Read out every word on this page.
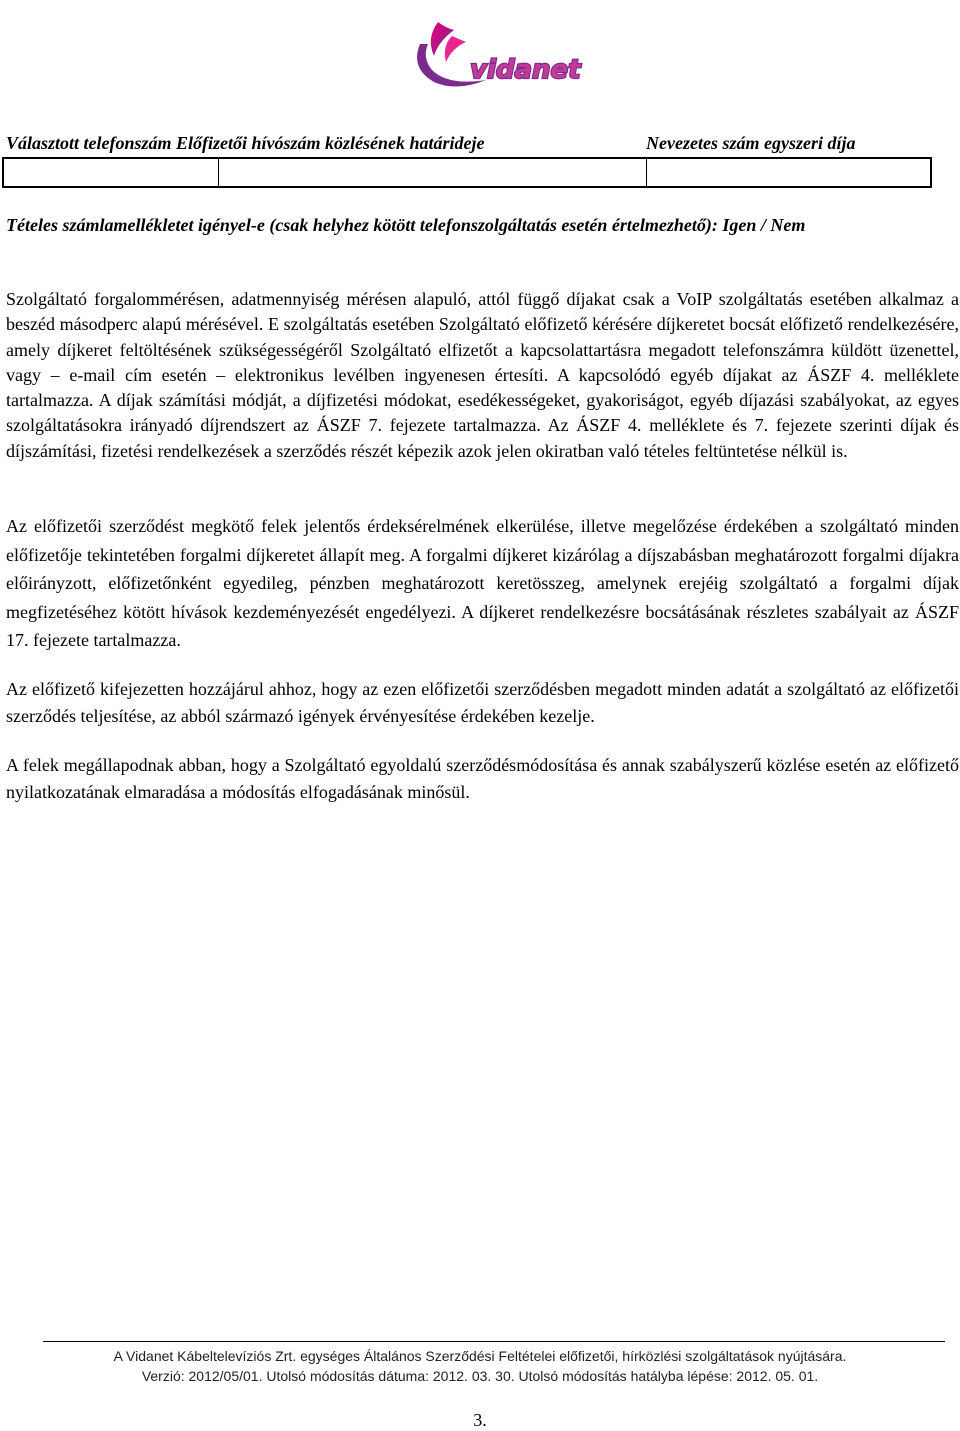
vidanet
Választott telefonszám Előfizetői hívószám közlésének határideje	Nevezetes szám egyszeri díja
Tételes számlamellékletet igényel-e (csak helyhez kötött telefonszolgáltatás esetén értelmezhető): Igen / Nem
Szolgáltató forgalommérésen, adatmennyiség mérésen alapuló, attól függő díjakat csak a VoIP szolgáltatás esetében alkalmaz a beszéd másodperc alapú mérésével. E szolgáltatás esetében Szolgáltató előfizető kérésére díjkeretet bocsát előfizető rendelkezésére, amely díjkeret feltöltésének szükségességéről Szolgáltató elfizetőt a kapcsolattartásra megadott telefonszámra küldött üzenettel, vagy – e-mail cím esetén – elektronikus levélben ingyenesen értesíti. A kapcsolódó egyéb díjakat az ÁSZF 4. melléklete tartalmazza. A díjak számítási módját, a díjfizetési módokat, esedékességeket, gyakoriságot, egyéb díjazási szabályokat, az egyes szolgáltatásokra irányadó díjrendszert az ÁSZF 7. fejezete tartalmazza. Az ÁSZF 4. melléklete és 7. fejezete szerinti díjak és díjszámítási, fizetési rendelkezések a szerződés részét képezik azok jelen okiratban való tételes feltüntetése nélkül is.
Az előfizetői szerződést megkötő felek jelentős érdeksérelmének elkerülése, illetve megelőzése érdekében a szolgáltató minden előfizetője tekintetében forgalmi díjkeretet állapít meg. A forgalmi díjkeret kizárólag a díjszabásban meghatározott forgalmi díjakra előirányzott, előfizetőnként egyedileg, pénzben meghatározott keretösszeg, amelynek erejéig szolgáltató a forgalmi díjak megfizetéséhez kötött hívások kezdeményezését engedélyezi. A díjkeret rendelkezésre bocsátásának részletes szabályait az ÁSZF 17. fejezete tartalmazza.
Az előfizető kifejezetten hozzájárul ahhoz, hogy az ezen előfizetői szerződésben megadott minden adatát a szolgáltató az előfizetői szerződés teljesítése, az abból származó igények érvényesítése érdekében kezelje.
A felek megállapodnak abban, hogy a Szolgáltató egyoldalú szerződésmódosítása és annak szabályszerű közlése esetén az előfizető nyilatkozatának elmaradása a módosítás elfogadásának minősül.
A Vidanet Kábeltelevíziós Zrt. egységes Általános Szerződési Feltételei előfizetői, hírközlési szolgáltatások nyújtására.
Verzió: 2012/05/01. Utolsó módosítás dátuma: 2012. 03. 30. Utolsó módosítás hatályba lépése: 2012. 05. 01.
3.
